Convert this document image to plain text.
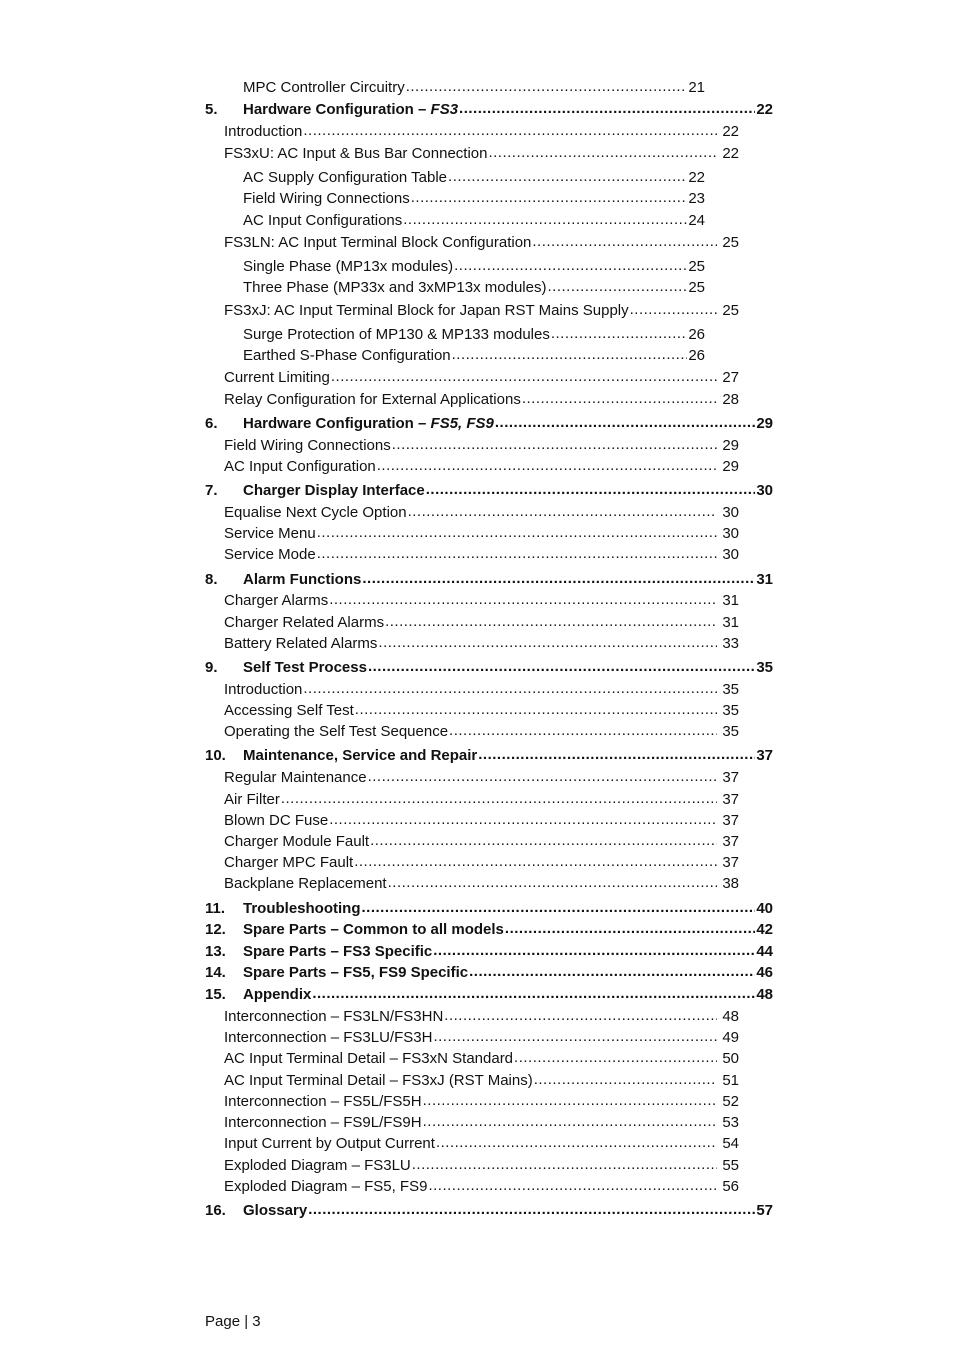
MPC Controller Circuitry .....	21
5.	Hardware Configuration – FS3 .....	22
Introduction .....	22
FS3xU: AC Input & Bus Bar Connection .....	22
AC Supply Configuration Table .....	22
Field Wiring Connections .....	23
AC Input Configurations .....	24
FS3LN: AC Input Terminal Block Configuration .....	25
Single Phase (MP13x modules) .....	25
Three Phase (MP33x and 3xMP13x modules) .....	25
FS3xJ: AC Input Terminal Block for Japan RST Mains Supply .....	25
Surge Protection of MP130 & MP133 modules .....	26
Earthed S-Phase Configuration .....	26
Current Limiting .....	27
Relay Configuration for External Applications .....	28
6.	Hardware Configuration – FS5, FS9 .....	29
Field Wiring Connections .....	29
AC Input Configuration .....	29
7.	Charger Display Interface .....	30
Equalise Next Cycle Option .....	30
Service Menu .....	30
Service Mode .....	30
8.	Alarm Functions .....	31
Charger Alarms .....	31
Charger Related Alarms .....	31
Battery Related Alarms .....	33
9.	Self Test Process .....	35
Introduction .....	35
Accessing Self Test .....	35
Operating the Self Test Sequence .....	35
10.	Maintenance, Service and Repair .....	37
Regular Maintenance .....	37
Air Filter .....	37
Blown DC Fuse .....	37
Charger Module Fault .....	37
Charger MPC Fault .....	37
Backplane Replacement .....	38
11.	Troubleshooting .....	40
12.	Spare Parts – Common to all models .....	42
13.	Spare Parts – FS3 Specific .....	44
14.	Spare Parts – FS5, FS9 Specific .....	46
15.	Appendix .....	48
Interconnection – FS3LN/FS3HN .....	48
Interconnection – FS3LU/FS3H .....	49
AC Input Terminal Detail – FS3xN Standard .....	50
AC Input Terminal Detail – FS3xJ (RST Mains) .....	51
Interconnection – FS5L/FS5H .....	52
Interconnection – FS9L/FS9H .....	53
Input Current by Output Current .....	54
Exploded Diagram – FS3LU .....	55
Exploded Diagram – FS5, FS9 .....	56
16.	Glossary .....	57
Page | 3
